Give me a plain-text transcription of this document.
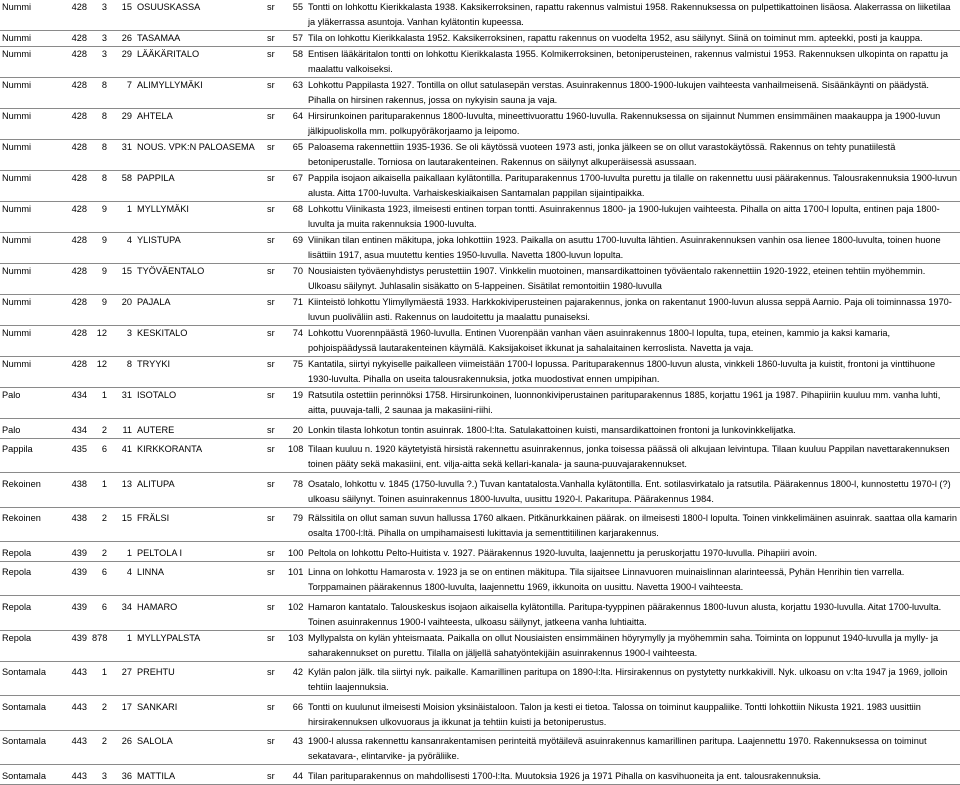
Nummi	428	3	15	OSUUSKASSA	sr	55	Tontti on lohkottu Kierikkalasta 1938. Kaksikerroksinen, rapattu rakennus valmistui 1958. Rakennuksessa on pulpettikattoinen lisäosa. Alakerrassa on liiketilaa ja yläkerrassa asuntoja. Vanhan kylätontin kupeessa.
Nummi	428	3	26	TASAMAA	sr	57	Tila on lohkottu Kierikkalasta 1952. Kaksikerroksinen, rapattu rakennus on vuodelta 1952, asu säilynyt. Siinä on toiminut mm. apteekki, posti ja kauppa.
Nummi	428	3	29	LÄÄKÄRITALO	sr	58	Entisen lääkäritalon tontti on lohkottu Kierikkalasta 1955. Kolmikerroksinen, betoniperusteinen, rakennus valmistui 1953. Rakennuksen ulkopinta on rapattu ja maalattu valkoiseksi.
Nummi	428	8	7	ALIMYLLYMÄKI	sr	63	Lohkottu Pappilasta 1927. Tontilla on ollut satulasepän verstas. Asuinrakennus 1800-1900-lukujen vaihteesta vanhailmeisenä. Sisäänkäynti on päädystä. Pihalla on hirsinen rakennus, jossa on nykyisin sauna ja vaja.
Nummi	428	8	29	AHTELA	sr	64	Hirsirunkoinen parituparakennus 1800-luvulta, mineettivuorattu 1960-luvulla. Rakennuksessa on sijainnut Nummen ensimmäinen maakauppa ja 1900-luvun jälkipuoliskolla mm. polkupyöräkorjaamo ja leipomo.
Nummi	428	8	31	NOUS. VPK:N PALOASEMA	sr	65	Paloasema rakennettiin 1935-1936. Se oli käytössä vuoteen 1973 asti, jonka jälkeen se on ollut varastokäytössä. Rakennus on tehty punatiilestä betoniperustalle. Torniosa on lautarakenteinen. Rakennus on säilynyt alkuperäisessä asussaan.
Nummi	428	8	58	PAPPILA	sr	67	Pappila isojaon aikaisella paikallaan kylätontilla. Parituparakennus 1700-luvulta purettu ja tilalle on rakennettu uusi päärakennus. Talousrakennuksia 1900-luvun alusta. Aitta 1700-luvulta. Varhaiskeskiaikaisen Santamalan pappilan sijaintipaikka.
Nummi	428	9	1	MYLLYMÄKI	sr	68	Lohkottu Viinikasta 1923, ilmeisesti entinen torpan tontti. Asuinrakennus 1800- ja 1900-lukujen vaihteesta. Pihalla on aitta 1700-l lopulta, entinen paja 1800-luvulta ja muita rakennuksia 1900-luvulta.
Nummi	428	9	4	YLISTUPA	sr	69	Viinikan tilan entinen mäkitupa, joka lohkottiin 1923. Paikalla on asuttu 1700-luvulta lähtien. Asuinrakennuksen vanhin osa lienee 1800-luvulta, toinen huone lisättiin 1917, asua muutettu kenties 1950-luvulla. Navetta 1800-luvun lopulta.
Nummi	428	9	15	TYÖVÄENTALO	sr	70	Nousiaisten työväenyhdistys perustettiin 1907. Vinkkelin muotoinen, mansardikattoinen työväentalo rakennettiin 1920-1922, eteinen tehtiin myöhemmin. Ulkoasu säilynyt. Juhlasalin sisäkatto on 5-lappeinen. Sisätilat remontoitiin 1980-luvulla
Nummi	428	9	20	PAJALA	sr	71	Kiinteistö lohkottu Ylimyllymäestä 1933. Harkkokiviperusteinen pajarakennus, jonka on rakentanut 1900-luvun alussa seppä Aarnio. Paja oli toiminnassa 1970-luvun puoliväliin asti. Rakennus on laudoitettu ja maalattu punaiseksi.
Nummi	428	12	3	KESKITALO	sr	74	Lohkottu Vuorennpäästä 1960-luvulla. Entinen Vuorenpään vanhan väen asuinrakennus 1800-l lopulta, tupa, eteinen, kammio ja kaksi kamaria, pohjoispäädyssä lautarakenteinen käymälä. Kaksijakoiset ikkunat ja sahalaitainen kerroslista. Navetta ja vaja.
Nummi	428	12	8	TRYYKI	sr	75	Kantatila, siirtyi nykyiselle paikalleen viimeistään 1700-l lopussa. Parituparakennus 1800-luvun alusta, vinkkeli 1860-luvulta ja kuistit, frontoni ja vinttihuone 1930-luvulta. Pihalla on useita talousrakennuksia, jotka muodostivat ennen umpipihan.
Palo	434	1	31	ISOTALO	sr	19	Ratsutila ostettiin perinnöksi 1758. Hirsirunkoinen, luonnonkiviperustainen parituparakennus 1885, korjattu 1961 ja 1987. Pihapiiriin kuuluu mm. vanha luhti, aitta, puuvaja-talli, 2 saunaa ja makasiini-riihi.

Palo	434	2	11	AUTERE	sr	20	Lonkin tilasta lohkotun tontin asuinrak. 1800-l:lta. Satulakattoinen kuisti, mansardikattoinen frontoni ja lunkovinkkelijatka.

Pappila	435	6	41	KIRKKORANTA	sr	108	Tilaan kuuluu n. 1920 käytetyistä hirsistä rakennettu asuinrakennus, jonka toisessa päässä oli alkujaan leivintupa. Tilaan kuuluu Pappilan navettarakennuksen toinen pääty sekä makasiini, ent. vilja-aitta sekä kellari-kanala- ja sauna-puuvajarakennukset.

Rekoinen	438	1	13	ALITUPA	sr	78	Osatalo, lohkottu v. 1845 (1750-luvulla ?.) Tuvan kantatalosta.Vanhalla kylätontilla. Ent. sotilasvirkatalo ja ratsutila. Päärakennus 1800-l, kunnostettu 1970-l (?) ulkoasu säilynyt. Toinen asuinrakennus 1800-luvulta, uusittu 1920-l. Pakaritupa. Päärakennus 1984.

Rekoinen	438	2	15	FRÄLSI	sr	79	Rälssitila on ollut saman suvun hallussa 1760 alkaen. Pitkänurkkainen päärak. on ilmeisesti 1800-l lopulta. Toinen vinkkelimäinen asuinrak. saattaa olla kamarin osalta 1700-l:ltä. Pihalla on umpihamaisesti lukittavia ja sementtitiilinen karjarakennus.

Repola	439	2	1	PELTOLA I	sr	100	Peltola on lohkottu Pelto-Huitista v. 1927. Päärakennus 1920-luvulta, laajennettu ja peruskorjattu 1970-luvulla. Pihapiiri avoin.

Repola	439	6	4	LINNA	sr	101	Linna on lohkottu Hamarosta v. 1923 ja se on entinen mäkitupa. Tila sijaitsee Linnavuoren muinaislinnan alarinteessä, Pyhän Henrihin tien varrella. Torppamainen päärakennus 1800-luvulta, laajennettu 1969, ikkunoita on uusittu. Navetta 1900-l vaihteesta.

Repola	439	6	34	HAMARO	sr	102	Hamaron kantatalo. Talouskeskus isojaon aikaisella kylätontilla. Paritupa-tyyppinen päärakennus 1800-luvun alusta, korjattu 1930-luvulla. Aitat 1700-luvulta. Toinen asuinrakennus 1900-l vaihteesta, ulkoasu säilynyt, jatkeena vanha luhtiaitta.
Repola	439	878	1	MYLLYPALSTA	sr	103	Myllypalsta on kylän yhteismaata. Paikalla on ollut Nousiaisten ensimmäinen höyrymylly ja myöhemmin saha. Toiminta on loppunut 1940-luvulla ja mylly- ja saharakennukset on purettu. Tilalla on jäljellä sahatyöntekijäin asuinrakennus 1900-l vaihteesta.

Sontamala	443	1	27	PREHTU	sr	42	Kylän palon jälk. tila siirtyi nyk. paikalle. Kamarillinen paritupa on 1890-l:lta. Hirsirakennus on pystytetty nurkkakivill. Nyk. ulkoasu on v:lta 1947 ja 1969, jolloin tehtiin laajennuksia.

Sontamala	443	2	17	SANKARI	sr	66	Tontti on kuulunut ilmeisesti Moision yksinäistaloon. Talon ja kesti ei tietoa. Talossa on toiminut kauppaliike. Tontti lohkottiin Nikusta 1921. 1983 uusittiin hirsirakennuksen ulkovuoraus ja ikkunat ja tehtiin kuisti ja betoniperustus.

Sontamala	443	2	26	SALOLA	sr	43	1900-l alussa rakennettu kansanrakentamisen perinteitä myötäilevä asuinrakennus kamarillinen paritupa. Laajennettu 1970. Rakennuksessa on toiminut sekatavara-, elintarvike- ja pyöräliike.

Sontamala	443	3	36	MATTILA	sr	44	Tilan parituparakennus on mahdollisesti 1700-l:lta. Muutoksia 1926 ja 1971 Pihalla on kasvihuoneita ja ent. talousrakennuksia.
